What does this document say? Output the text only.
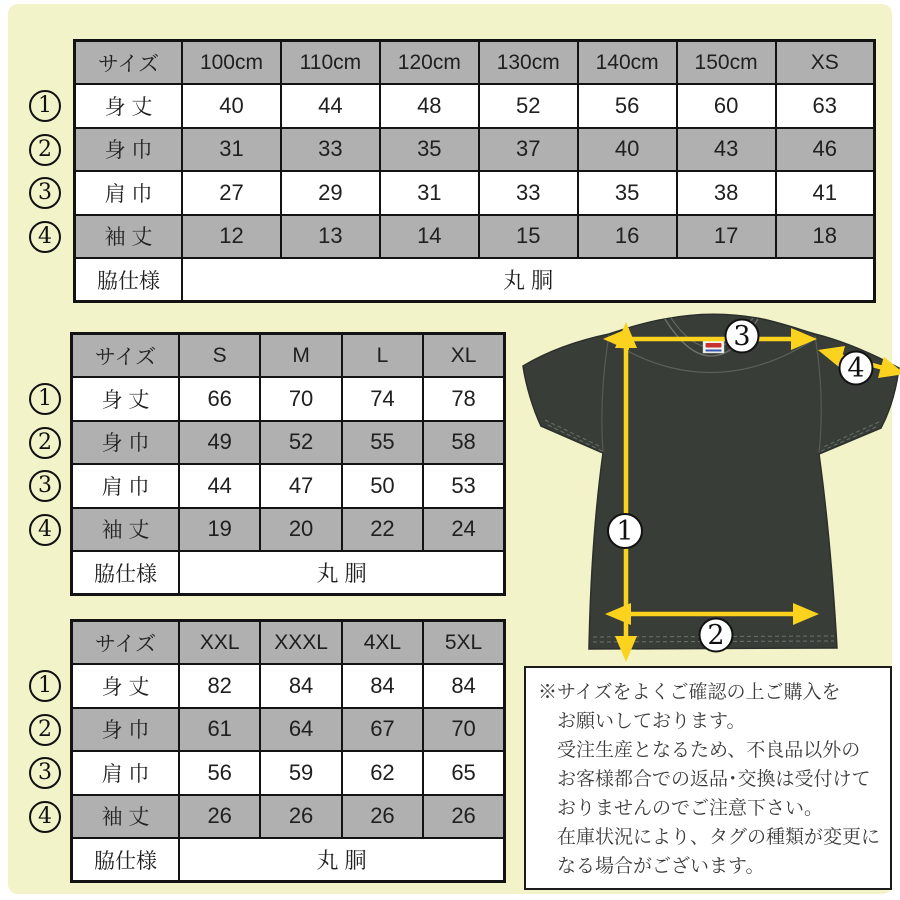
サイズ	100cm	110cm	120cm	130cm	140cm	150cm	XS
身 丈	40	44	48	52	56	60	63
身 巾	31	33	35	37	40	43	46
肩 巾	27	29	31	33	35	38	41
袖 丈	12	13	14	15	16	17	18
脇仕様	丸 胴						
サイズ	S	M	L	XL
身 丈	66	70	74	78
身 巾	49	52	55	58
肩 巾	44	47	50	53
袖 丈	19	20	22	24
脇仕様	丸 胴			
サイズ	XXL	XXXL	4XL	5XL
身 丈	82	84	84	84
身 巾	61	64	67	70
肩 巾	56	59	62	65
袖 丈	26	26	26	26
脇仕様	丸 胴			
1
2
3
4
1
2
3
4
1
2
3
4
1
2
3
4
※サイズをよくご確認の上ご購入を
お願いしております。
受注生産となるため、不良品以外の
お客様都合での返品･交換は受付けて
おりませんのでご注意下さい。
在庫状況により、タグの種類が変更に
なる場合がございます。
